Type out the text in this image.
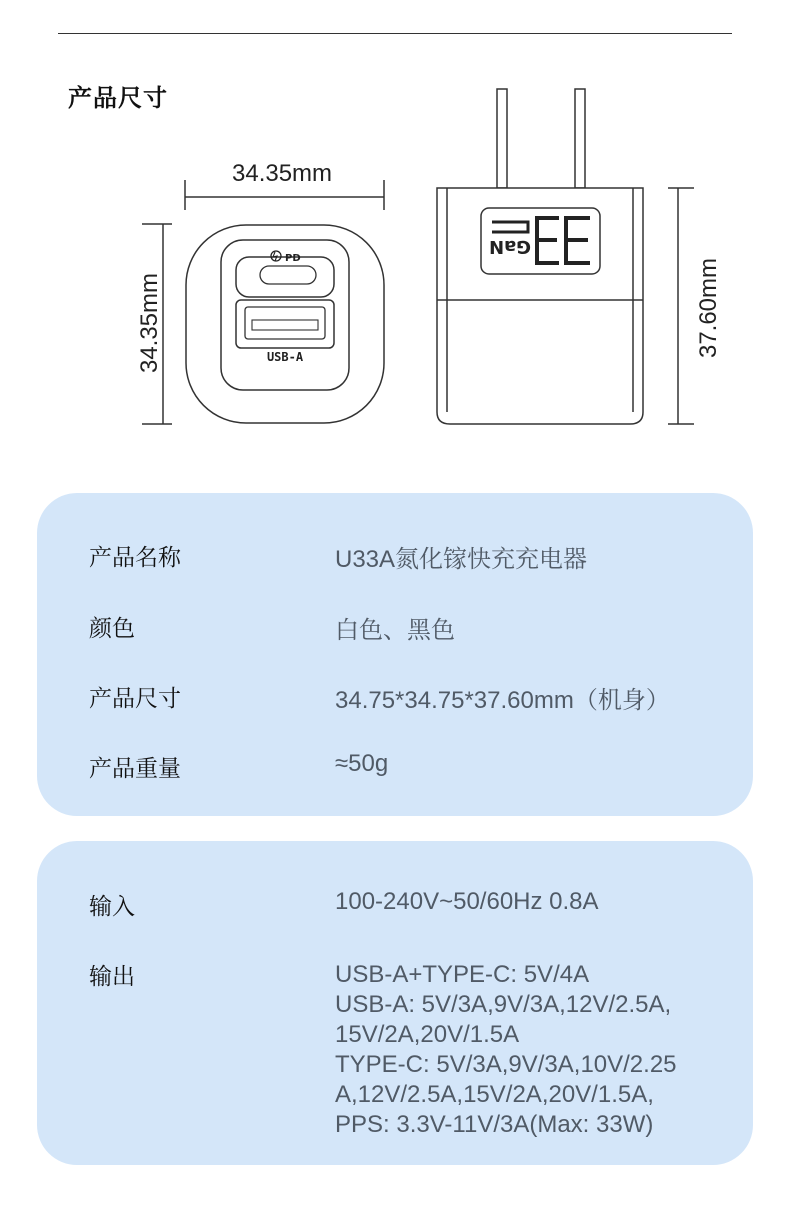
产品尺寸
PD
USB-A
GaN
34.35mm
34.35mm	37.60mm
产品名称	U33A氮化镓快充充电器
颜色	白色、黑色
产品尺寸	34.75*34.75*37.60mm（机身）
产品重量	≈50g
输入	100-240V~50/60Hz 0.8A
输出	USB-A+TYPE-C: 5V/4A
USB-A: 5V/3A,9V/3A,12V/2.5A,
15V/2A,20V/1.5A
TYPE-C: 5V/3A,9V/3A,10V/2.25
A,12V/2.5A,15V/2A,20V/1.5A,
PPS: 3.3V-11V/3A(Max: 33W)
